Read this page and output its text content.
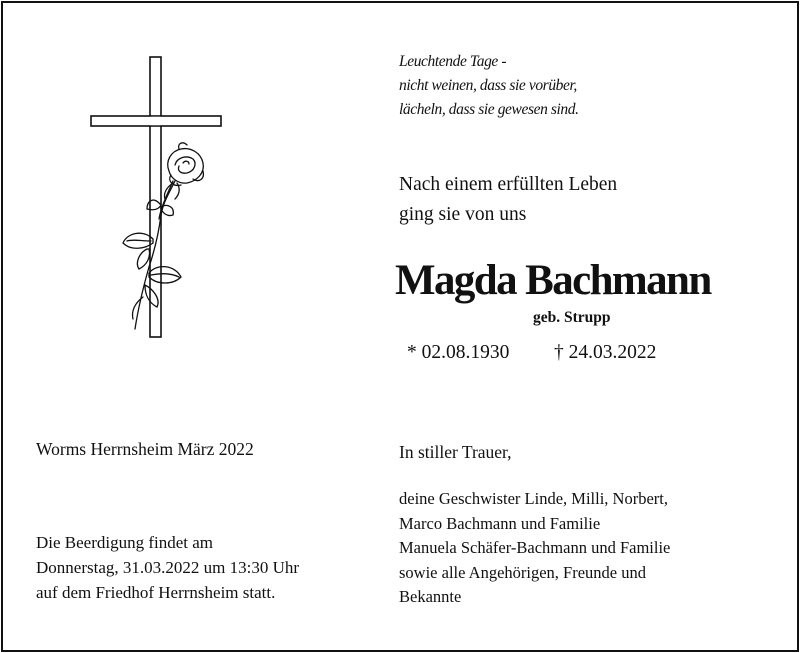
Leuchtende Tage -
nicht weinen, dass sie vorüber,
lächeln, dass sie gewesen sind.
Nach einem erfüllten Leben
ging sie von uns
Magda Bachmann
geb. Strupp
* 02.08.1930 † 24.03.2022
Worms Herrnsheim März 2022	In stiller Trauer,
Die Beerdigung findet am
Donnerstag, 31.03.2022 um 13:30 Uhr
auf dem Friedhof Herrnsheim statt.
deine Geschwister Linde, Milli, Norbert,
Marco Bachmann und Familie
Manuela Schäfer-Bachmann und Familie
sowie alle Angehörigen, Freunde und
Bekannte
